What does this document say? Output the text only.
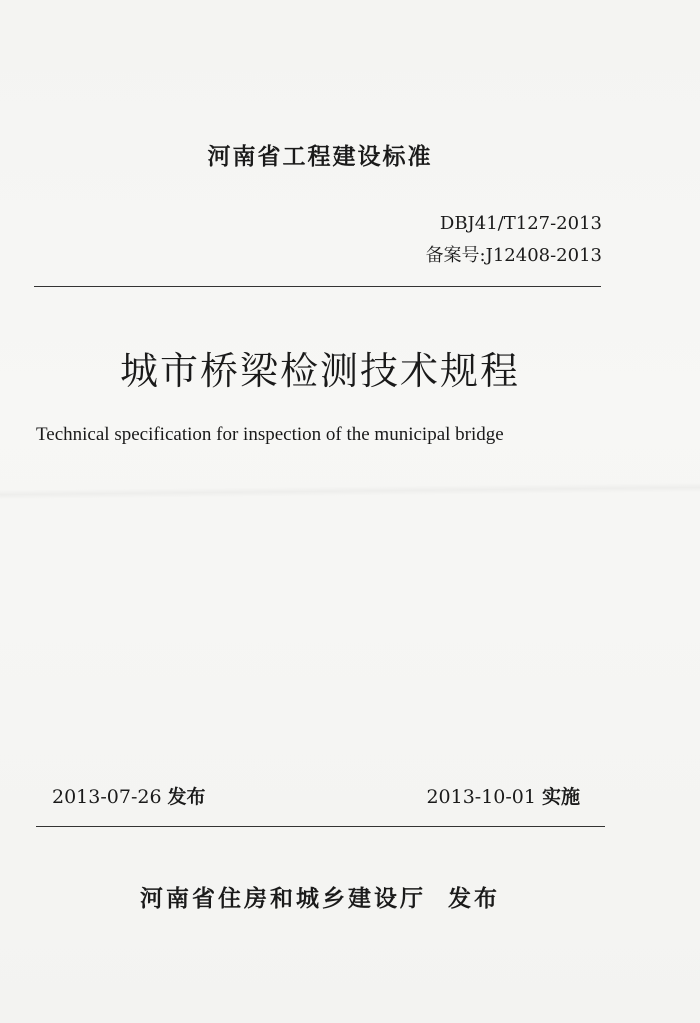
河南省工程建设标准
DBJ41/T127-2013
备案号:J12408-2013
城市桥梁检测技术规程
Technical specification for inspection of the municipal bridge
2013-07-26 发布	2013-10-01 实施
河南省住房和城乡建设厅 发布
